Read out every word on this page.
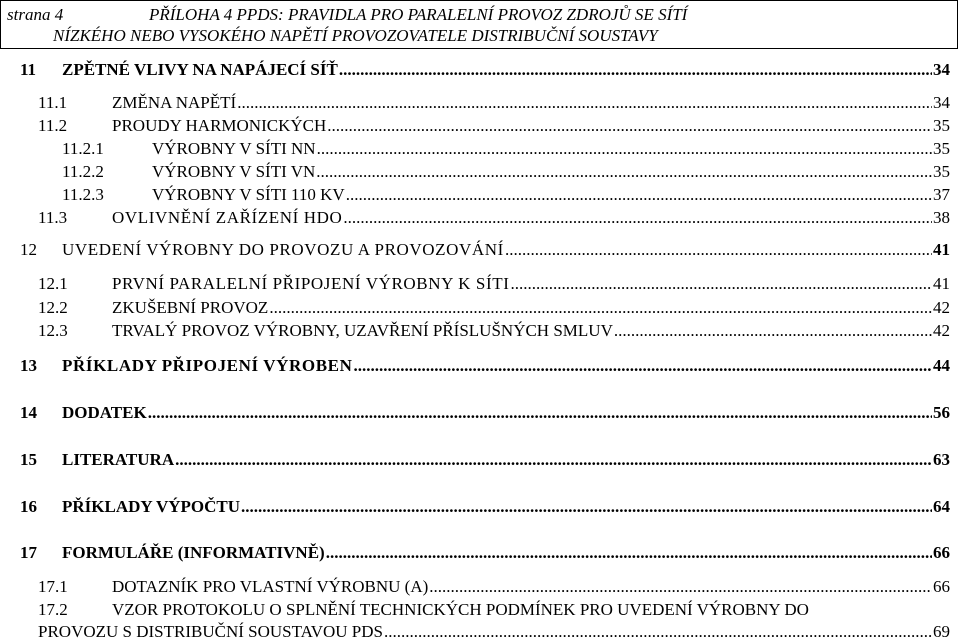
strana 4	PŘÍLOHA 4 PPDS: PRAVIDLA PRO PARALELNÍ PROVOZ ZDROJŮ SE SÍTÍ
NÍZKÉHO NEBO VYSOKÉHO NAPĚTÍ PROVOZOVATELE DISTRIBUČNÍ SOUSTAVY
11 ZPĚTNÉ VLIVY NA NAPÁJECÍ SÍŤ .....	34
11.1	ZMĚNA NAPĚTÍ .....	34
11.2	PROUDY HARMONICKÝCH .....	35
11.2.1	VÝROBNY V SÍTI NN .....	35
11.2.2	VÝROBNY V SÍTI VN .....	35
11.2.3	VÝROBNY V SÍTI 110 KV .....	37
11.3	OVLIVNĚNÍ ZAŘÍZENÍ HDO .....	38
12 UVEDENÍ VÝROBNY DO PROVOZU A PROVOZOVÁNÍ .....	41
12.1	PRVNÍ PARALELNÍ PŘIPOJENÍ VÝROBNY K SÍTI .....	41
12.2	ZKUŠEBNÍ PROVOZ .....	42
12.3	TRVALÝ PROVOZ VÝROBNY, UZAVŘENÍ PŘÍSLUŠNÝCH SMLUV .....	42
13 PŘÍKLADY PŘIPOJENÍ VÝROBEN .....	44
14 DODATEK .....	56
15 LITERATURA .....	63
16 PŘÍKLADY VÝPOČTU .....	64
17 FORMULÁŘE (INFORMATIVNĚ) .....	66
17.1	DOTAZNÍK PRO VLASTNÍ VÝROBNU (A) .....	66
17.2	VZOR PROTOKOLU O SPLNĚNÍ TECHNICKÝCH PODMÍNEK PRO UVEDENÍ VÝROBNY DO
PROVOZU S DISTRIBUČNÍ SOUSTAVOU PDS .....	69
